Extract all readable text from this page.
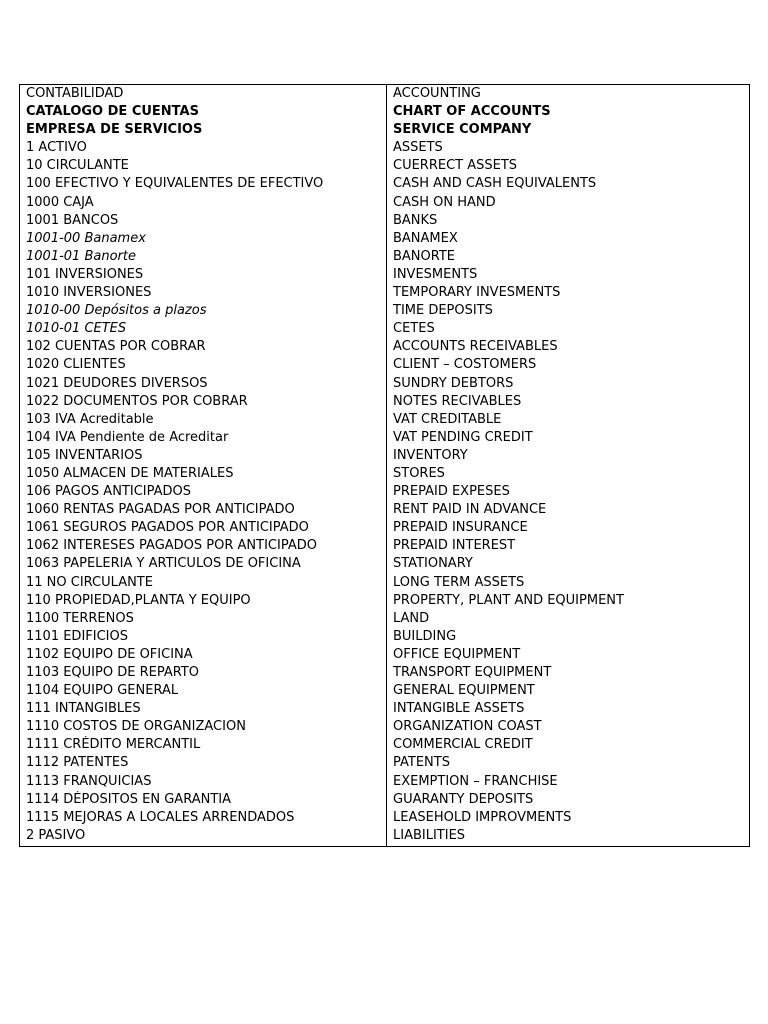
CONTABILIDAD
CATALOGO DE CUENTAS
EMPRESA DE SERVICIOS
1 ACTIVO
10 CIRCULANTE
100 EFECTIVO Y EQUIVALENTES DE EFECTIVO
1000 CAJA
1001 BANCOS
1001-00 Banamex
1001-01 Banorte
101 INVERSIONES
1010 INVERSIONES
1010-00 Depósitos a plazos
1010-01 CETES
102 CUENTAS POR COBRAR
1020 CLIENTES
1021 DEUDORES DIVERSOS
1022 DOCUMENTOS POR COBRAR
103 IVA Acreditable
104 IVA Pendiente de Acreditar
105 INVENTARIOS
1050 ALMACEN DE MATERIALES
106 PAGOS ANTICIPADOS
1060 RENTAS PAGADAS POR ANTICIPADO
1061 SEGUROS PAGADOS POR ANTICIPADO
1062 INTERESES PAGADOS POR ANTICIPADO
1063 PAPELERIA Y ARTICULOS DE OFICINA
11 NO CIRCULANTE
110 PROPIEDAD,PLANTA Y EQUIPO
1100 TERRENOS
1101 EDIFICIOS
1102 EQUIPO DE OFICINA
1103 EQUIPO DE REPARTO
1104 EQUIPO GENERAL
111 INTANGIBLES
1110 COSTOS DE ORGANIZACION
1111 CRÉDITO MERCANTIL
1112 PATENTES
1113 FRANQUICIAS
1114 DÉPOSITOS EN GARANTIA
1115 MEJORAS A LOCALES ARRENDADOS
2 PASIVO
ACCOUNTING
CHART OF ACCOUNTS
SERVICE COMPANY
ASSETS
CUERRECT ASSETS
CASH AND CASH EQUIVALENTS
CASH ON HAND
BANKS
BANAMEX
BANORTE
INVESMENTS
TEMPORARY INVESMENTS
TIME DEPOSITS
CETES
ACCOUNTS RECEIVABLES
CLIENT – COSTOMERS
SUNDRY DEBTORS
NOTES RECIVABLES
VAT CREDITABLE
VAT PENDING CREDIT
INVENTORY
STORES
PREPAID EXPESES
RENT PAID IN ADVANCE
PREPAID INSURANCE
PREPAID INTEREST
STATIONARY
LONG TERM ASSETS
PROPERTY, PLANT AND EQUIPMENT
LAND
BUILDING
OFFICE EQUIPMENT
TRANSPORT EQUIPMENT
GENERAL EQUIPMENT
INTANGIBLE ASSETS
ORGANIZATION COAST
COMMERCIAL CREDIT
PATENTS
EXEMPTION – FRANCHISE
GUARANTY DEPOSITS
LEASEHOLD IMPROVMENTS
LIABILITIES
